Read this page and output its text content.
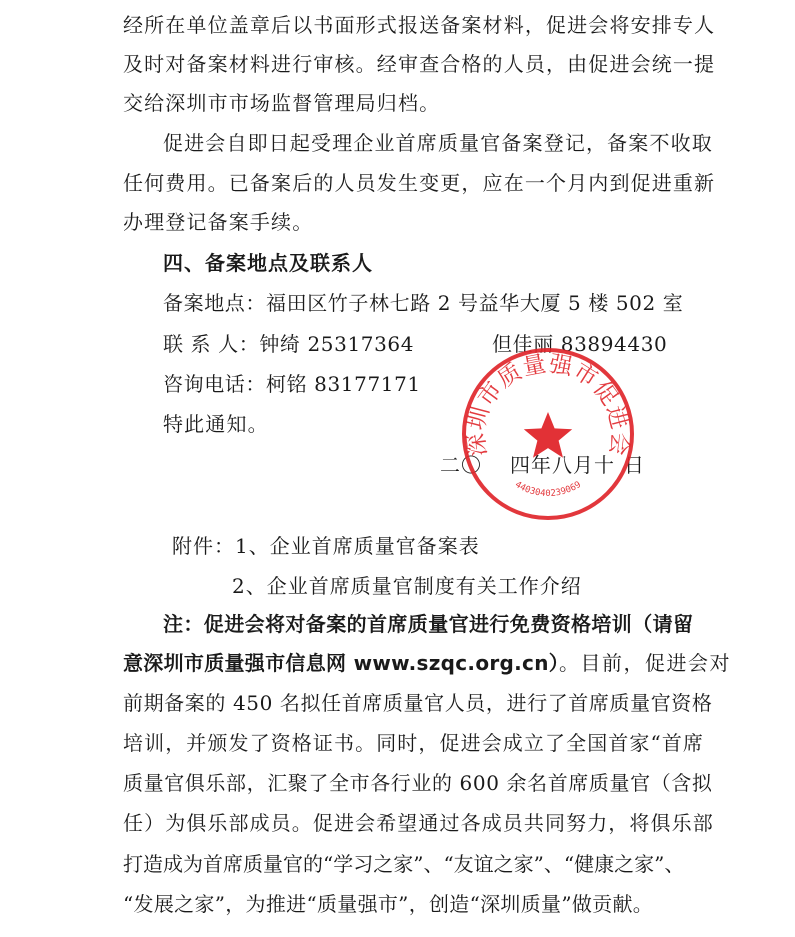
经所在单位盖章后以书面形式报送备案材料，促进会将安排专人
及时对备案材料进行审核。经审查合格的人员，由促进会统一提
交给深圳市市场监督管理局归档。
促进会自即日起受理企业首席质量官备案登记，备案不收取
任何费用。已备案后的人员发生变更，应在一个月内到促进重新
办理登记备案手续。
四、备案地点及联系人
备案地点：福田区竹子林七路 2 号益华大厦 5 楼 502 室
联 系 人：钟绮 25317364	但佳丽 83894430
咨询电话：柯铭 83177171
特此通知。
二〇 四年八月十 日
深圳市质量强市促进会
4403040239069
附件：1、企业首席质量官备案表
2、企业首席质量官制度有关工作介绍
注：促进会将对备案的首席质量官进行免费资格培训（请留
意深圳市质量强市信息网 www.szqc.org.cn）。目前，促进会对
前期备案的 450 名拟任首席质量官人员，进行了首席质量官资格
培训，并颁发了资格证书。同时，促进会成立了全国首家“首席
质量官俱乐部，汇聚了全市各行业的 600 余名首席质量官（含拟
任）为俱乐部成员。促进会希望通过各成员共同努力，将俱乐部
打造成为首席质量官的“学习之家”、“友谊之家”、“健康之家”、
“发展之家”，为推进“质量强市”，创造“深圳质量”做贡献。
